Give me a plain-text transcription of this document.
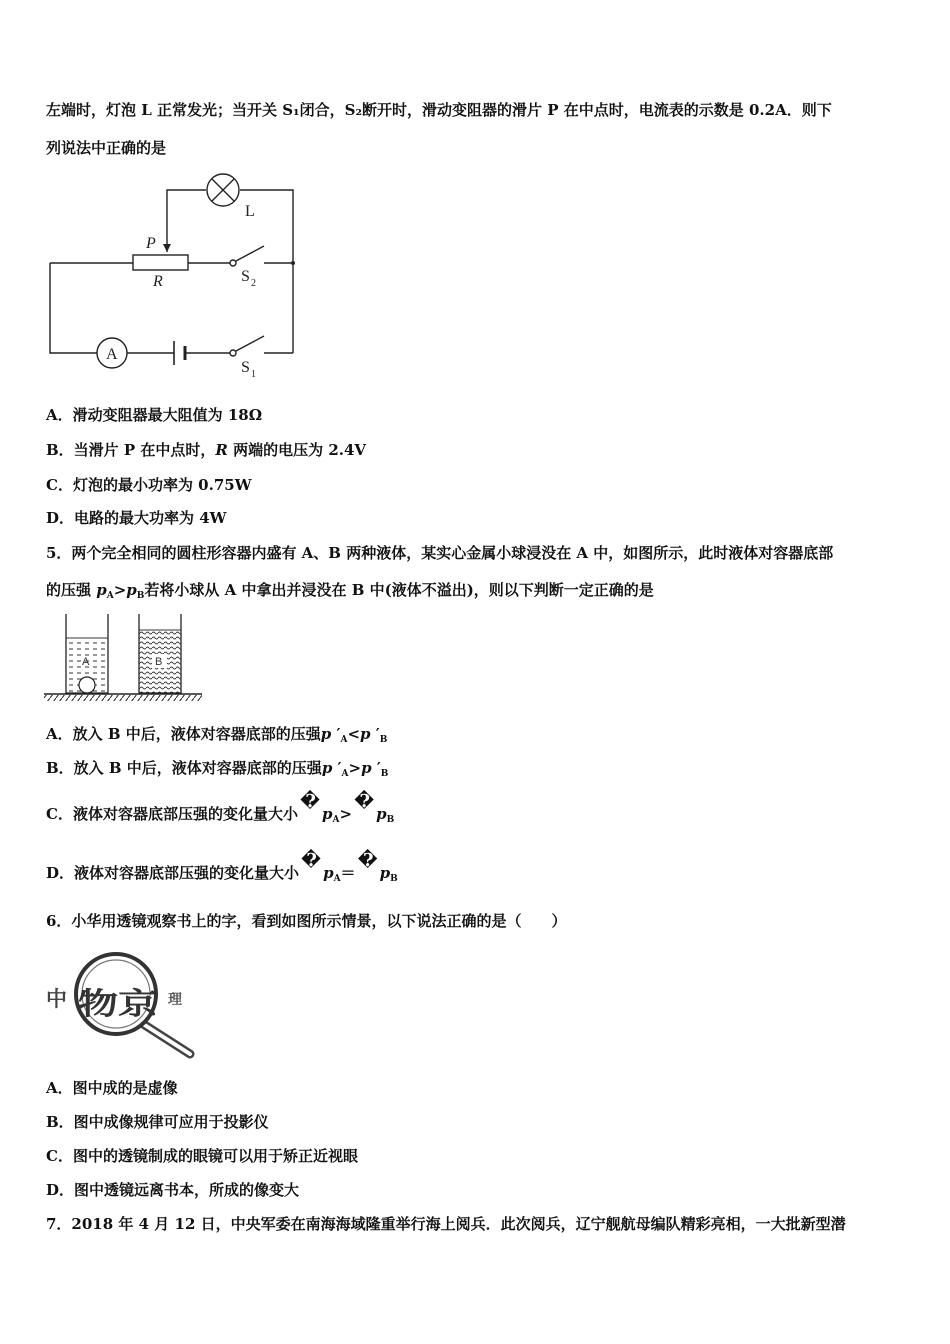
左端时，灯泡 L 正常发光；当开关 S₁闭合，S₂断开时，滑动变阻器的滑片 P 在中点时，电流表的示数是 0.2A．则下
列说法中正确的是
L
P
R	S 2
A
S 1
A．滑动变阻器最大阻值为 18Ω
B．当滑片 P 在中点时，R 两端的电压为 2.4V
C．灯泡的最小功率为 0.75W
D．电路的最大功率为 4W
5．两个完全相同的圆柱形容器内盛有 A、B 两种液体，某实心金属小球浸没在 A 中，如图所示，此时液体对容器底部
的压强 $p_A>p_B$若将小球从 A 中拿出并浸没在 B 中(液体不溢出)，则以下判断一定正确的是
A	B
A．放入 B 中后，液体对容器底部的压强p $'_A<p$ $'_B$
B．放入 B 中后，液体对容器底部的压强p $'_A>p$ $'_B$
C．液体对容器底部压强的变化量大小$�p_A>�p_B$
D．液体对容器底部压强的变化量大小$�p_A=�p_B$
6．小华用透镜观察书上的字，看到如图所示情景，以下说法正确的是（　　）
中 物京 理
A．图中成的是虚像
B．图中成像规律可应用于投影仪
C．图中的透镜制成的眼镜可以用于矫正近视眼
D．图中透镜远离书本，所成的像变大
7．2018 年 4 月 12 日，中央军委在南海海域隆重举行海上阅兵．此次阅兵，辽宁舰航母编队精彩亮相，一大批新型潜
